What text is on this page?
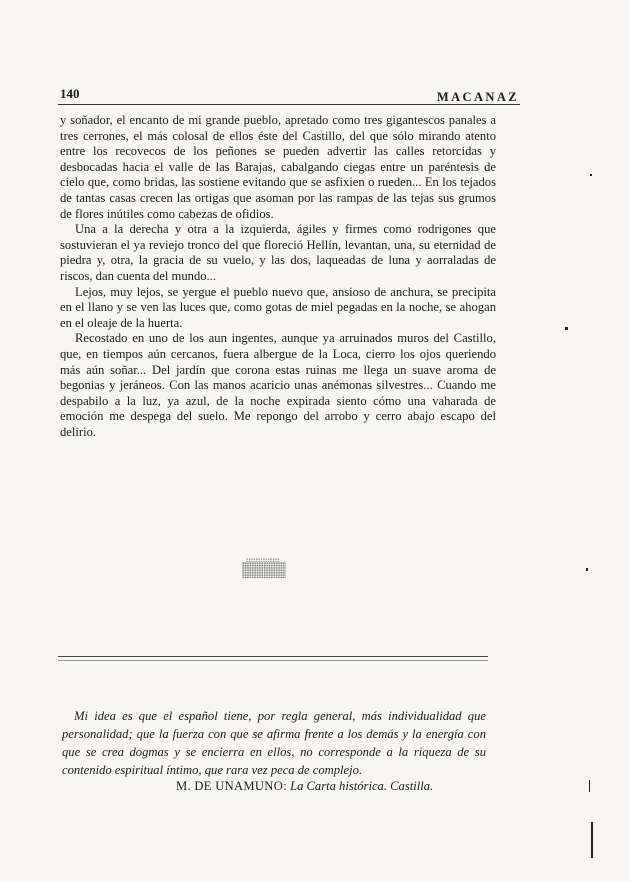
140	MACANAZ

y soñador, el encanto de mi grande pueblo, apretado como tres gigantescos panales a tres cerrones, el más colosal de ellos éste del Castillo, del que sólo mirando atento entre los recovecos de los peñones se pueden advertir las calles retorcidas y desbocadas hacia el valle de las Barajas, cabalgando ciegas entre un paréntesis de cielo que, como bridas, las sostiene evitando que se asfixien o rueden... En los tejados de tantas casas crecen las ortigas que asoman por las rampas de las tejas sus grumos de flores inútiles como cabezas de ofidios.

Una a la derecha y otra a la izquierda, ágiles y firmes como rodrigones que sostuvieran el ya reviejo tronco del que floreció Hellín, levantan, una, su eternidad de piedra y, otra, la gracia de su vuelo, y las dos, laqueadas de luna y aorraladas de riscos, dan cuenta del mundo...

Lejos, muy lejos, se yergue el pueblo nuevo que, ansioso de anchura, se precipita en el llano y se ven las luces que, como gotas de miel pegadas en la noche, se ahogan en el oleaje de la huerta.

Recostado en uno de los aun ingentes, aunque ya arruinados muros del Castillo, que, en tiempos aún cercanos, fuera albergue de la Loca, cierro los ojos queriendo más aún soñar... Del jardín que corona estas ruinas me llega un suave aroma de begonias y jeráneos. Con las manos acaricio unas anémonas silvestres... Cuando me despabilo a la luz, ya azul, de la noche expirada siento cómo una vaharada de emoción me despega del suelo. Me repongo del arrobo y cerro abajo escapo del delirio.

Mi idea es que el español tiene, por regla general, más individualidad que personalidad; que la fuerza con que se afirma frente a los demás y la energía con que se crea dogmas y se encierra en ellos, no corresponde a la riqueza de su contenido espiritual íntimo, que rara vez peca de complejo.

M. DE UNAMUNO: La Carta histórica. Castilla.
